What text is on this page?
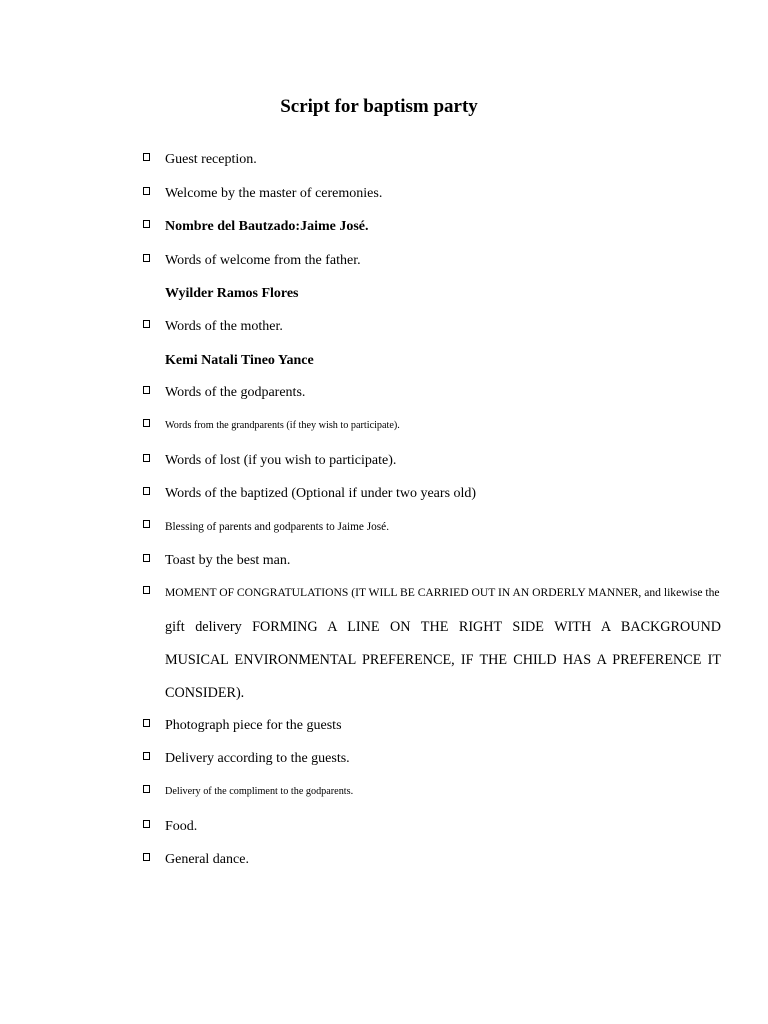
Script for baptism party
Guest reception.
Welcome by the master of ceremonies.
Nombre del Bautzado:Jaime José.
Words of welcome from the father.
Wyilder Ramos Flores
Words of the mother.
Kemi Natali Tineo Yance
Words of the godparents.
Words from the grandparents (if they wish to participate).
Words of lost (if you wish to participate).
Words of the baptized (Optional if under two years old)
Blessing of parents and godparents to Jaime José.
Toast by the best man.
MOMENT OF CONGRATULATIONS (IT WILL BE CARRIED OUT IN AN ORDERLY MANNER, and likewise the
gift delivery FORMING A LINE ON THE RIGHT SIDE WITH A BACKGROUND
MUSICAL ENVIRONMENTAL PREFERENCE, IF THE CHILD HAS A PREFERENCE IT
CONSIDER).
Photograph piece for the guests
Delivery according to the guests.
Delivery of the compliment to the godparents.
Food.
General dance.
